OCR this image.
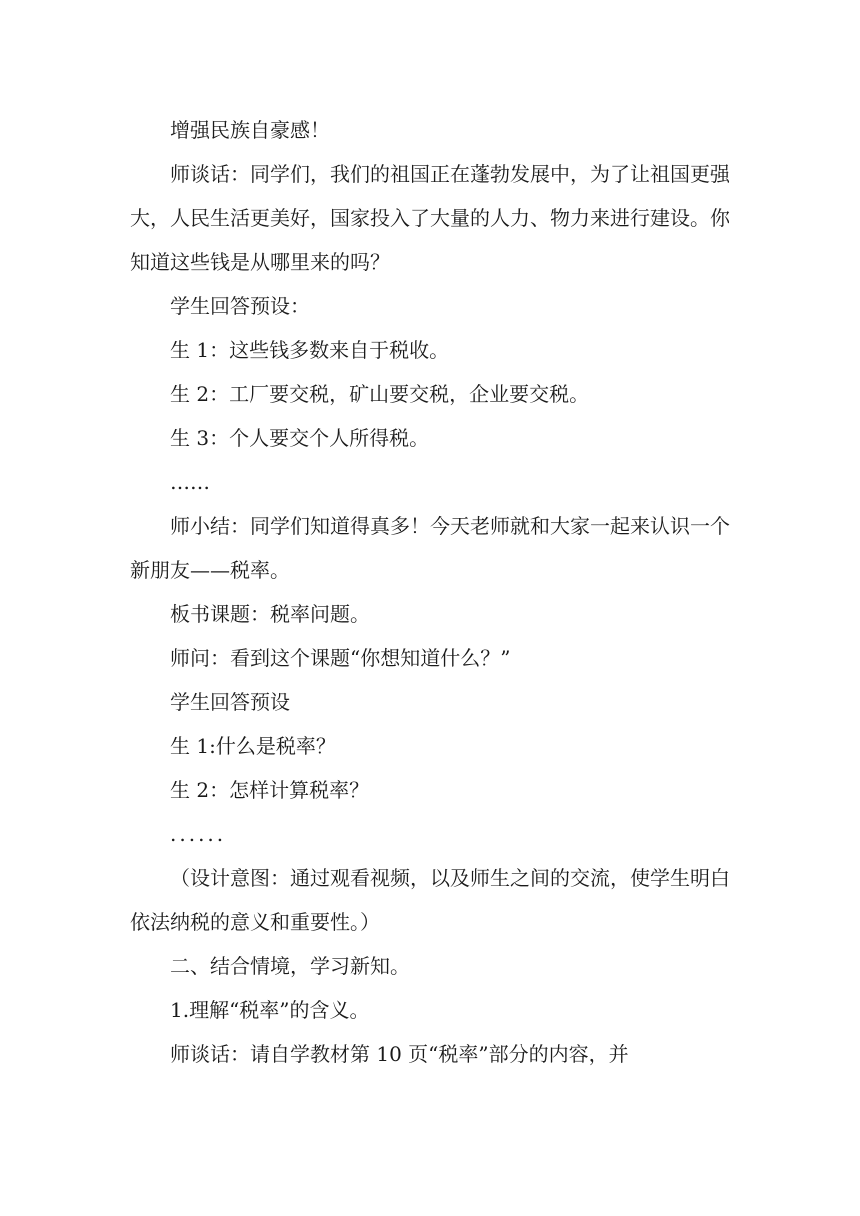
增强民族自豪感！

师谈话：同学们，我们的祖国正在蓬勃发展中，为了让祖国更强大，人民生活更美好，国家投入了大量的人力、物力来进行建设。你知道这些钱是从哪里来的吗？

学生回答预设：

生 1：这些钱多数来自于税收。

生 2：工厂要交税，矿山要交税，企业要交税。

生 3：个人要交个人所得税。

……

师小结：同学们知道得真多！今天老师就和大家一起来认识一个新朋友——税率。

板书课题：税率问题。

师问：看到这个课题“你想知道什么？”

学生回答预设

生 1:什么是税率？

生 2：怎样计算税率？

......

（设计意图：通过观看视频，以及师生之间的交流，使学生明白依法纳税的意义和重要性。）

二、结合情境，学习新知。

1.理解“税率”的含义。

师谈话：请自学教材第 10 页“税率”部分的内容，并
